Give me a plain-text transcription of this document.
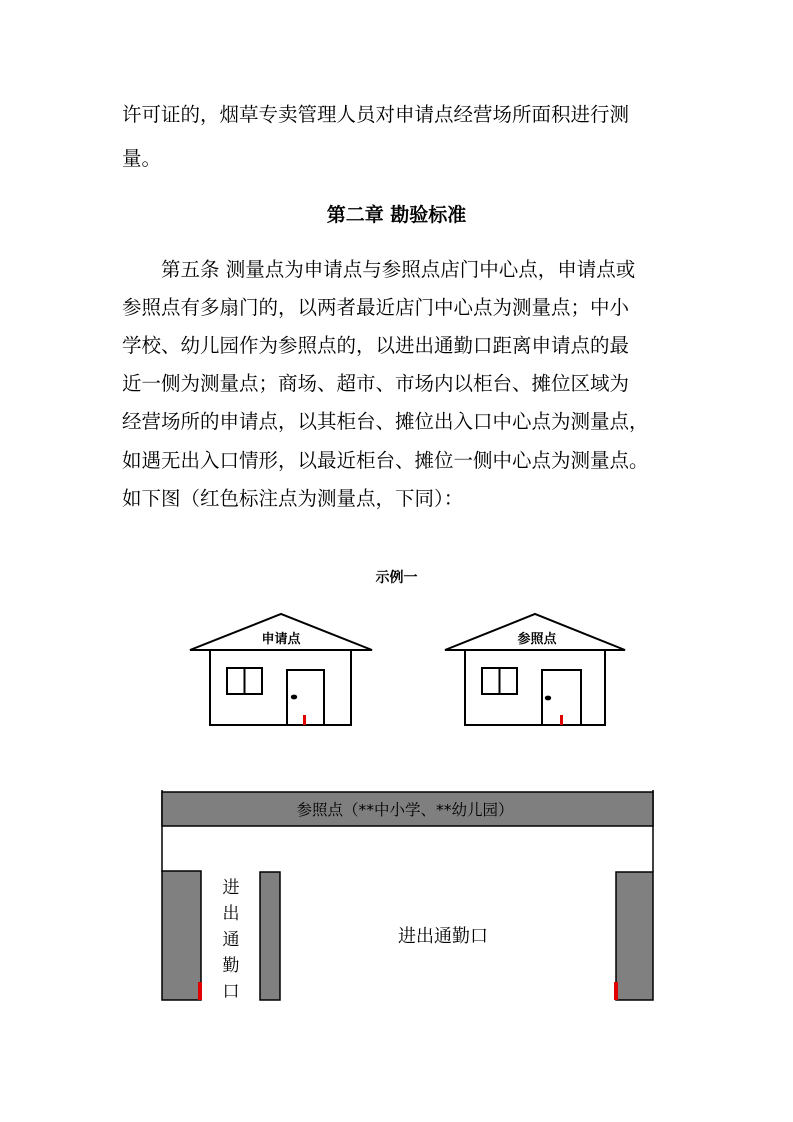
许可证的，烟草专卖管理人员对申请点经营场所面积进行测
量。
第二章 勘验标准
第五条 测量点为申请点与参照点店门中心点，申请点或
参照点有多扇门的，以两者最近店门中心点为测量点；中小
学校、幼儿园作为参照点的，以进出通勤口距离申请点的最
近一侧为测量点；商场、超市、市场内以柜台、摊位区域为
经营场所的申请点，以其柜台、摊位出入口中心点为测量点，
如遇无出入口情形，以最近柜台、摊位一侧中心点为测量点。
如下图（红色标注点为测量点，下同）：
示例一
申请点	参照点
参照点（**中小学、**幼儿园）
进
出
通
勤
口
进出通勤口
